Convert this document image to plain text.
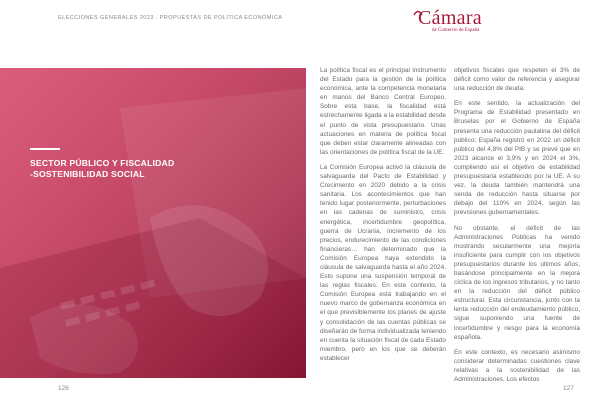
ELECCIONES GENERALES 2023 . PROPUESTAS DE POLÍTICA ECONÓMICA	Cámara
de Comercio de España
SECTOR PÚBLICO Y FISCALIDAD
-SOSTENIBILIDAD SOCIAL

La política fiscal es el principal instrumento del Estado para la gestión de la política económica, ante la competencia monetaria en manos del Banco Central Europeo. Sobre esta base, la fiscalidad está estrechamente ligada a la estabilidad desde el punto de vista presupuestario. Unas actuaciones en materia de política fiscal que deben estar claramente alineadas con las orientaciones de política fiscal de la UE.

La Comisión Europea activó la cláusula de salvaguarda del Pacto de Estabilidad y Crecimiento en 2020 debido a la crisis sanitaria. Los acontecimientos que han tenido lugar posteriormente, perturbaciones en las cadenas de suministro, crisis energética, incertidumbre geopolítica, guerra de Ucrania, incremento de los precios, endurecimiento de las condiciones financieras… han determinado que la Comisión Europea haya extendido la cláusula de salvaguarda hasta el año 2024. Esto supone una suspensión temporal de las reglas fiscales. En este contexto, la Comisión Europea está trabajando en el nuevo marco de gobernanza económica en el que previsiblemente los planes de ajuste y consolidación de las cuentas públicas se diseñarán de forma individualizada teniendo en cuenta la situación fiscal de cada Estado miembro, pero en los que se deberán establecer

objetivos fiscales que respeten el 3% de déficit como valor de referencia y asegurar una reducción de deuda.

En este sentido, la actualización del Programa de Estabilidad presentado en Bruselas por el Gobierno de España presenta una reducción paulatina del déficit público: España registró en 2022 un déficit público del 4,8% del PIB y se prevé que en 2023 alcance el 3,9% y en 2024 el 3%, cumpliendo así el objetivo de estabilidad presupuestaria establecido por la UE. A su vez, la deuda también mantendrá una senda de reducción hasta situarse por debajo del 110% en 2024, según las previsiones gubernamentales.

No obstante, el déficit de las Administraciones Públicas ha venido mostrando secularmente una mejoría insuficiente para cumplir con los objetivos presupuestarios durante los últimos años, basándose principalmente en la mejora cíclica de los ingresos tributarios, y no tanto en la reducción del déficit público estructural. Esta circunstancia, junto con la lenta reducción del endeudamiento público, sigue suponiendo una fuente de incertidumbre y riesgo para la economía española.

En este contexto, es necesario asimismo considerar determinadas cuestiones clave relativas a la sostenibilidad de las Administraciones. Los efectos

126	127
